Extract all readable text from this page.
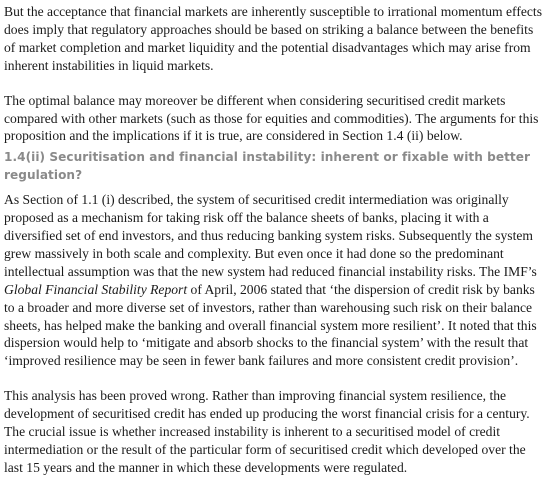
But the acceptance that financial markets are inherently susceptible to irrational momentum effects
does imply that regulatory approaches should be based on striking a balance between the benefits
of market completion and market liquidity and the potential disadvantages which may arise from
inherent instabilities in liquid markets.

The optimal balance may moreover be different when considering securitised credit markets
compared with other markets (such as those for equities and commodities). The arguments for this
proposition and the implications if it is true, are considered in Section 1.4 (ii) below.

1.4(ii) Securitisation and financial instability: inherent or fixable with better regulation?

As Section of 1.1 (i) described, the system of securitised credit intermediation was originally
proposed as a mechanism for taking risk off the balance sheets of banks, placing it with a
diversified set of end investors, and thus reducing banking system risks. Subsequently the system
grew massively in both scale and complexity. But even once it had done so the predominant
intellectual assumption was that the new system had reduced financial instability risks. The IMF’s
Global Financial Stability Report of April, 2006 stated that ‘the dispersion of credit risk by banks
to a broader and more diverse set of investors, rather than warehousing such risk on their balance
sheets, has helped make the banking and overall financial system more resilient’. It noted that this
dispersion would help to ‘mitigate and absorb shocks to the financial system’ with the result that
‘improved resilience may be seen in fewer bank failures and more consistent credit provision’.

This analysis has been proved wrong. Rather than improving financial system resilience, the
development of securitised credit has ended up producing the worst financial crisis for a century.
The crucial issue is whether increased instability is inherent to a securitised model of credit
intermediation or the result of the particular form of securitised credit which developed over the
last 15 years and the manner in which these developments were regulated.
